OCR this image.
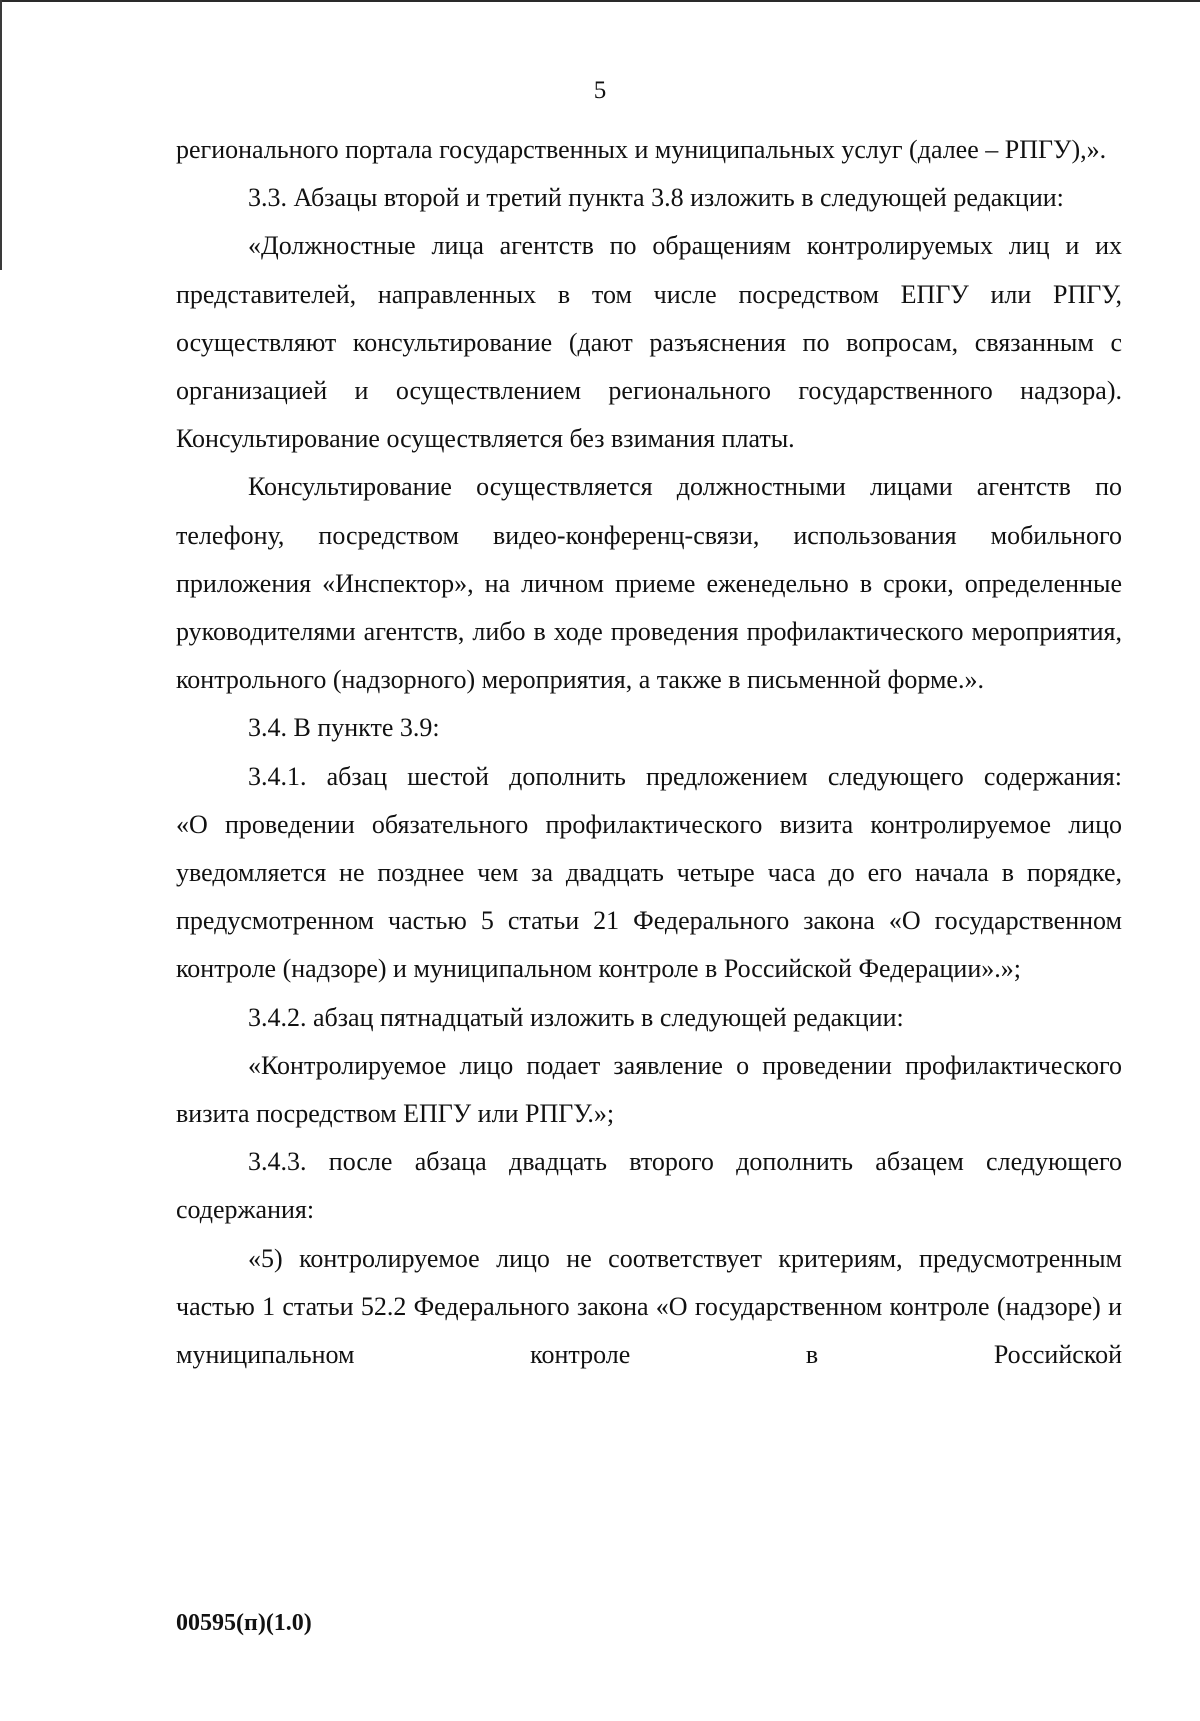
5

регионального портала государственных и муниципальных услуг (далее – РПГУ),».

3.3. Абзацы второй и третий пункта 3.8 изложить в следующей редакции:

«Должностные лица агентств по обращениям контролируемых лиц и их представителей, направленных в том числе посредством ЕПГУ или РПГУ, осуществляют консультирование (дают разъяснения по вопросам, связанным с организацией и осуществлением регионального государственного надзора). Консультирование осуществляется без взимания платы.

Консультирование осуществляется должностными лицами агентств по телефону, посредством видео-конференц-связи, использования мобильного приложения «Инспектор», на личном приеме еженедельно в сроки, определенные руководителями агентств, либо в ходе проведения профилактического мероприятия, контрольного (надзорного) мероприятия, а также в письменной форме.».

3.4. В пункте 3.9:

3.4.1. абзац шестой дополнить предложением следующего содержания:

«О проведении обязательного профилактического визита контролируемое лицо уведомляется не позднее чем за двадцать четыре часа до его начала в порядке, предусмотренном частью 5 статьи 21 Федерального закона «О государственном контроле (надзоре) и муниципальном контроле в Российской Федерации».»;

3.4.2. абзац пятнадцатый изложить в следующей редакции:

«Контролируемое лицо подает заявление о проведении профилактического визита посредством ЕПГУ или РПГУ.»;

3.4.3. после абзаца двадцать второго дополнить абзацем следующего содержания:

«5) контролируемое лицо не соответствует критериям, предусмотренным частью 1 статьи 52.2 Федерального закона «О государственном контроле (надзоре) и муниципальном контроле в Российской

00595(п)(1.0)
